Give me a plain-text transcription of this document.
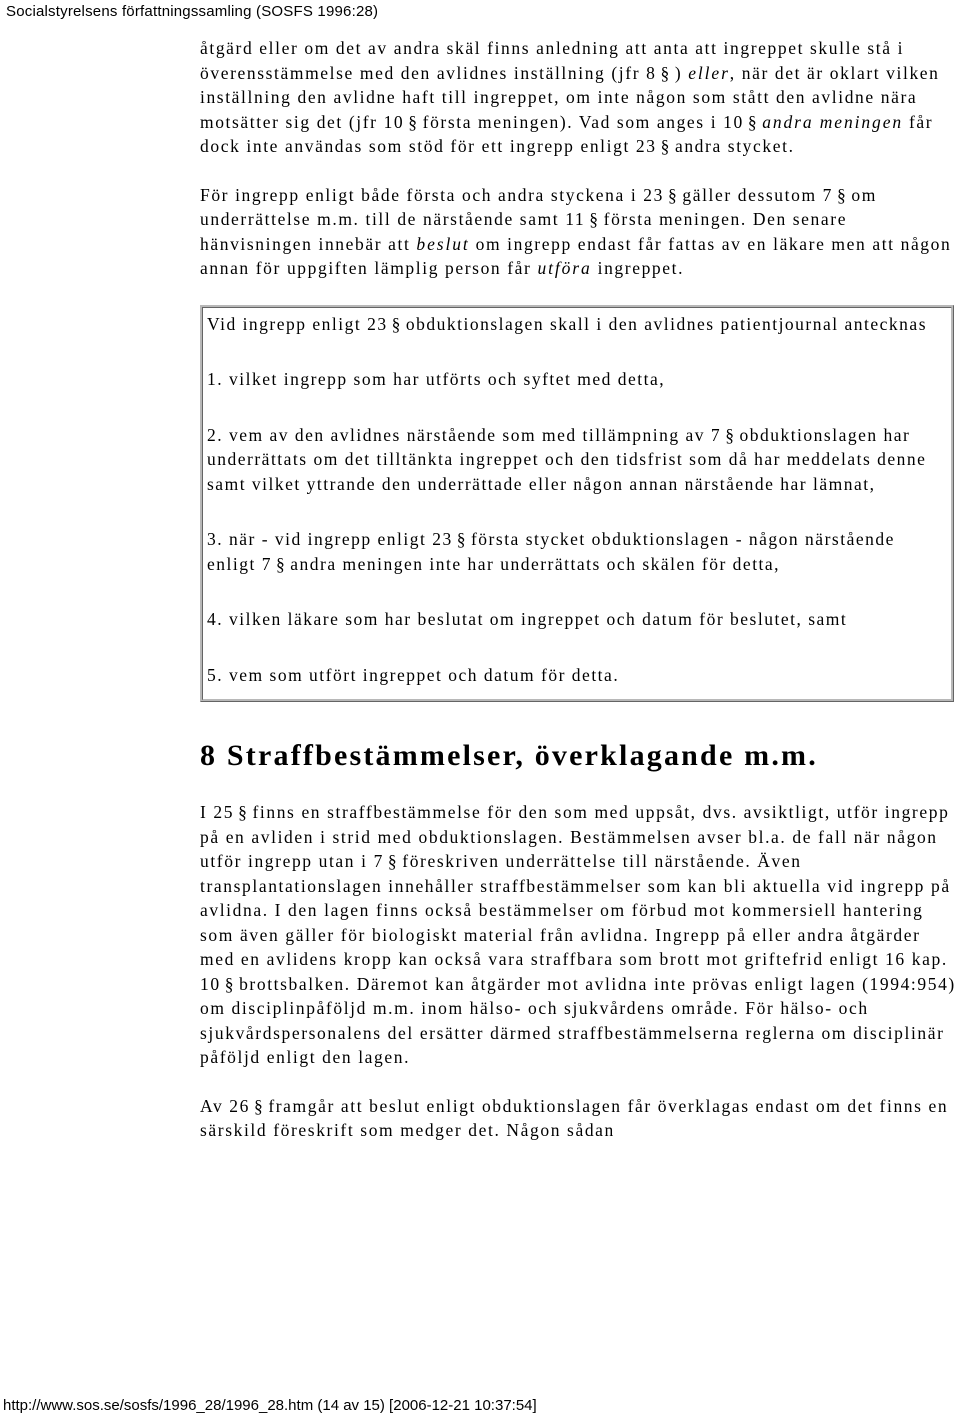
Socialstyrelsens författningssamling (SOSFS 1996:28)

åtgärd eller om det av andra skäl finns anledning att anta att ingreppet skulle stå i överensstämmelse med den avlidnes inställning (jfr 8 § ) eller, när det är oklart vilken inställning den avlidne haft till ingreppet, om inte någon som stått den avlidne nära motsätter sig det (jfr 10 § första meningen). Vad som anges i 10 § andra meningen får dock inte användas som stöd för ett ingrepp enligt 23 § andra stycket.

För ingrepp enligt både första och andra styckena i 23 § gäller dessutom 7 § om underrättelse m.m. till de närstående samt 11 § första meningen. Den senare hänvisningen innebär att beslut om ingrepp endast får fattas av en läkare men att någon annan för uppgiften lämplig person får utföra ingreppet.

Vid ingrepp enligt 23 § obduktionslagen skall i den avlidnes patientjournal antecknas

1. vilket ingrepp som har utförts och syftet med detta,

2. vem av den avlidnes närstående som med tillämpning av 7 § obduktionslagen har underrättats om det tilltänkta ingreppet och den tidsfrist som då har meddelats denne samt vilket yttrande den underrättade eller någon annan närstående har lämnat,

3. när - vid ingrepp enligt 23 § första stycket obduktionslagen - någon närstående enligt 7 § andra meningen inte har underrättats och skälen för detta,

4. vilken läkare som har beslutat om ingreppet och datum för beslutet, samt

5. vem som utfört ingreppet och datum för detta.

8 Straffbestämmelser, överklagande m.m.

I 25 § finns en straffbestämmelse för den som med uppsåt, dvs. avsiktligt, utför ingrepp på en avliden i strid med obduktionslagen. Bestämmelsen avser bl.a. de fall när någon utför ingrepp utan i 7 § föreskriven underrättelse till närstående. Även transplantationslagen innehåller straffbestämmelser som kan bli aktuella vid ingrepp på avlidna. I den lagen finns också bestämmelser om förbud mot kommersiell hantering som även gäller för biologiskt material från avlidna. Ingrepp på eller andra åtgärder med en avlidens kropp kan också vara straffbara som brott mot griftefrid enligt 16 kap. 10 § brottsbalken. Däremot kan åtgärder mot avlidna inte prövas enligt lagen (1994:954) om disciplinpåföljd m.m. inom hälso- och sjukvårdens område. För hälso- och sjukvårdspersonalens del ersätter därmed straffbestämmelserna reglerna om disciplinär påföljd enligt den lagen.

Av 26 § framgår att beslut enligt obduktionslagen får överklagas endast om det finns en särskild föreskrift som medger det. Någon sådan

http://www.sos.se/sosfs/1996_28/1996_28.htm (14 av 15) [2006-12-21 10:37:54]
